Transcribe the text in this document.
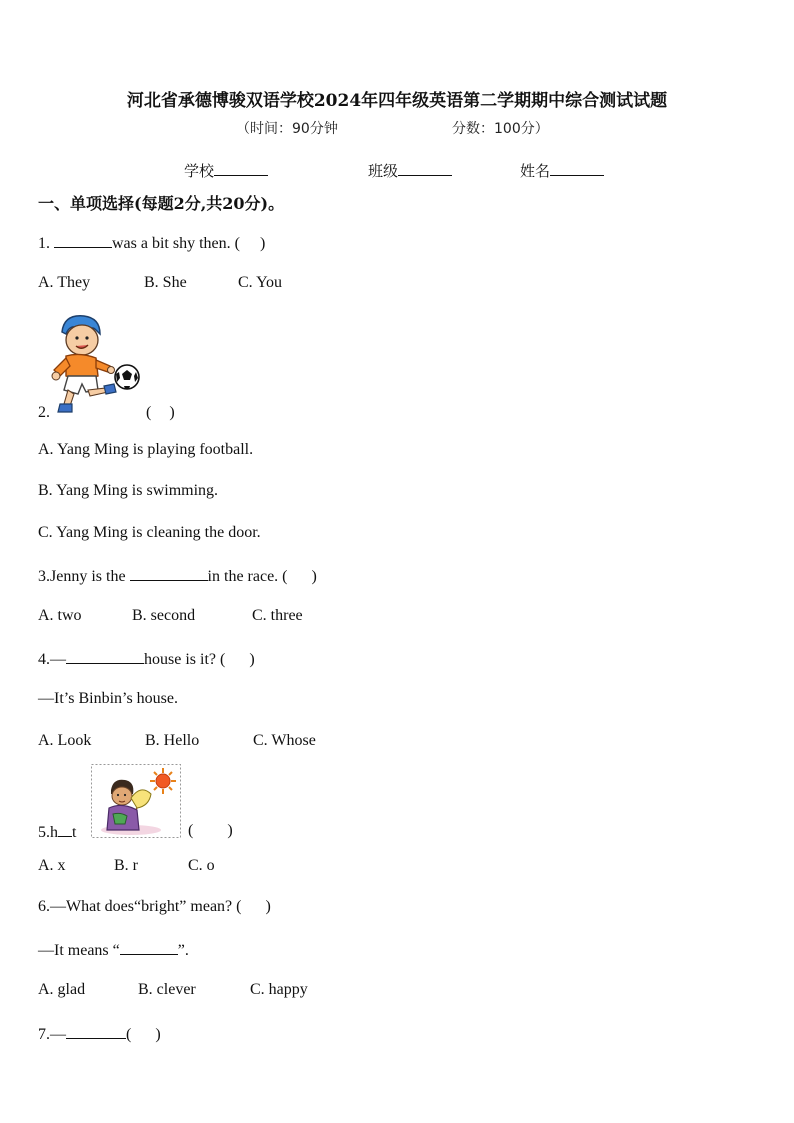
河北省承德博骏双语学校2024年四年级英语第二学期期中综合测试试题
（时间：90分钟	分数：100分）
学校	班级	姓名
一、单项选择(每题2分,共20分)。
1.	was a bit shy then. ( )
A. They	B. She	C. You
2.	( )
A. Yang Ming is playing football.
B. Yang Ming is swimming.
C. Yang Ming is cleaning the door.
3.Jenny is the	in the race. ( )
A. two	B. second	C. three
4.—	house is it? ( )
—It’s Binbin’s house.
A. Look	B. Hello	C. Whose
5.h t	( )
A. x	B. r	C. o
6.—What does“bright” mean? ( )
—It means “	”.
A. glad	B. clever	C. happy
7.—	( )
